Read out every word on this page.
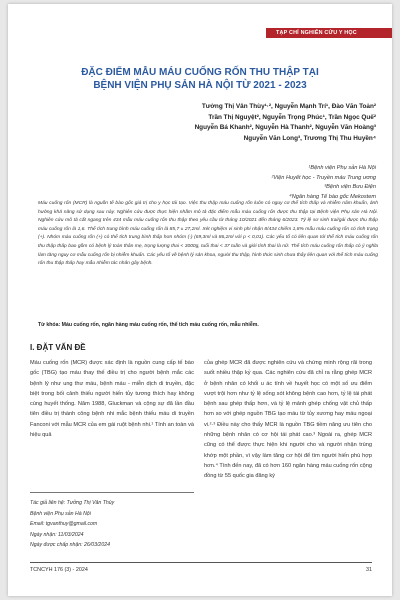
TẠP CHÍ NGHIÊN CỨU Y HỌC
ĐẶC ĐIỂM MẪU MÁU CUỐNG RỐN THU THẬP TẠI
BỆNH VIỆN PHỤ SẢN HÀ NỘI TỪ 2021 - 2023
Tưởng Thị Vân Thùy¹·², Nguyễn Mạnh Trí¹, Đào Văn Toản²
Trần Thị Nguyệt², Nguyễn Trọng Phúc¹, Trần Ngọc Quế²
Nguyễn Bá Khanh², Nguyễn Hà Thanh², Nguyễn Văn Hoàng³
Nguyễn Văn Long³, Trương Thị Thu Huyền⁴
¹Bệnh viện Phụ sản Hà Nội
²Viện Huyết học - Truyền máu Trung ương
³Bệnh viện Bưu Điện
⁴Ngân hàng Tế bào gốc Mekostem
Máu cuống rốn (MCR) là nguồn tế bào gốc giá trị cho y học tái tạo. Việc thu thập máu cuống rốn luôn có nguy cơ thể tích thấp và nhiễm nấm khuẩn, ảnh hưởng khả năng sử dụng sau này. Nghiên cứu được thực hiện nhằm mô tả đặc điểm mẫu máu cuống rốn được thu thập tại Bệnh viện Phụ sản Hà Nội. Nghiên cứu mô tả cắt ngang trên 434 mẫu máu cuống rốn thu thập theo yêu cầu từ tháng 10/2021 đến tháng 6/2023. Tỷ lệ sơ sinh trai/gái được thu thập máu cuống rốn là 1,6. Thể tích trung bình máu cuống rốn là 85,7 ± 27,2ml. Xét nghiệm vi sinh phi nhận 8/434 chiếm 1,8% mẫu máu cuống rốn có tình trạng (+). Nhóm máu cuống rốn (+) có thể tích trung bình thấp hơn nhóm (-) (69,3ml và 86,2ml với p < 0,01). Các yếu tố có liên quan tới thể tích máu cuống rốn thu thập thấp bao gồm có bệnh lý toàn thân mẹ, trọng lượng thai < 3000g, tuổi thai < 37 tuần và giới tính thai là nữ. Thể tích máu cuống rốn thấp có ý nghĩa làm tăng nguy cơ mẫu cuống rốn bị nhiễm khuẩn. Các yếu tố về bệnh lý sản khoa, người thu thập, hình thức sinh chưa thấy liên quan với thể tích máu cuống rốn thu thập thấp hay mẫu nhiễm tác nhân gây bệnh.
Từ khóa: Máu cuống rốn, ngân hàng máu cuống rốn, thể tích máu cuống rốn, mẫu nhiễm.
I. ĐẶT VẤN ĐỀ
Máu cuống rốn (MCR) được xác định là nguồn cung cấp tế bào gốc (TBG) tạo máu thay thế điều trị cho người bệnh mắc các bệnh lý như ung thư máu, bệnh máu - miễn dịch di truyền, đặc biệt trong bối cảnh thiếu người hiến tủy tương thích hay không cùng huyết thống. Năm 1988, Gluckman và cộng sự đã lần đầu tiên điều trị thành công bệnh nhi mắc bệnh thiếu máu di truyền Fanconi với mẫu MCR của em gái ruột bệnh nhi.¹ Tính an toàn và hiệu quả
của ghép MCR đã được nghiên cứu và chứng minh rộng rãi trong suốt nhiều thập kỷ qua. Các nghiên cứu đã chỉ ra rằng ghép MCR ở bệnh nhân có khối u ác tính về huyết học có một số ưu điểm vượt trội hơn như tỷ lệ sống sót không bệnh cao hơn, tỷ lệ tái phát bệnh sau ghép thấp hơn, và tỷ lệ mảnh ghép chống vật chủ thấp hơn so với ghép nguồn TBG tạo máu từ tủy xương hay máu ngoại vi.²·³ Điều này cho thấy MCR là nguồn TBG tiềm năng ưu tiên cho những bệnh nhân có cơ hội tái phát cao.³ Ngoài ra, ghép MCR cũng có thể được thực hiện khi người cho và người nhận trùng khớp một phần, vì vậy làm tăng cơ hội để tìm người hiến phù hợp hơn.⁴ Tính đến nay, đã có hơn 160 ngân hàng máu cuống rốn cộng đồng từ 55 quốc gia đăng ký
Tác giả liên hệ: Tưởng Thị Vân Thùy
Bệnh viện Phụ sản Hà Nội
Email: tgvanthuy@gmail.com
Ngày nhận: 11/03/2024
Ngày được chấp nhận: 26/03/2024
TCNCYH 176 (3) - 2024	31
